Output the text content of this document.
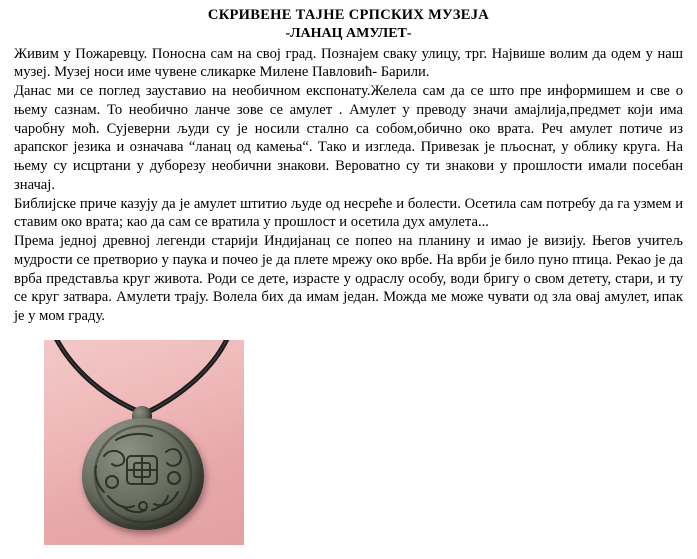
СКРИВЕНЕ ТАЈНЕ СРПСКИХ МУЗЕЈА
-ЛАНАЦ АМУЛЕТ-

Живим у Пожаревцу. Поносна сам на свој град. Познајем сваку улицу, трг. Највише волим да одем у наш музеј. Музеј носи име чувене сликарке Милене Павловић- Барили.

Данас ми се поглед зауставио на необичном експонату.Желела сам да се што пре информишем и све о њему сазнам. То необично ланче зове се амулет . Амулет у преводу значи амајлија,предмет који има чаробну моћ. Сујеверни људи су је носили стално са собом,обично око врата. Реч амулет потиче из арапског језика и означава “ланац од камења“. Тако и изгледа. Привезак је пљоснат, у облику круга. На њему су исцртани у дуборезу необични знакови. Вероватно су ти знакови у прошлости имали посебан значај.

Библијске приче казују да је амулет штитио људе од несреће и болести. Осетила сам потребу да га узмем и ставим око врата; као да сам се вратила у прошлост и осетила дух амулета...

Према једној древној легенди старији Индијанац се попео на планину и имао је визију. Његов учитељ мудрости се претворио у паука и почео је да плете мрежу око врбе. На врби је било пуно птица. Рекао је да врба представља круг живота. Роди се дете, израсте у одраслу особу, води бригу о свом детету, стари, и ту се круг затвара. Амулети трају. Волела бих да имам један. Можда ме може чувати од зла овај амулет, ипак је у мом граду.
